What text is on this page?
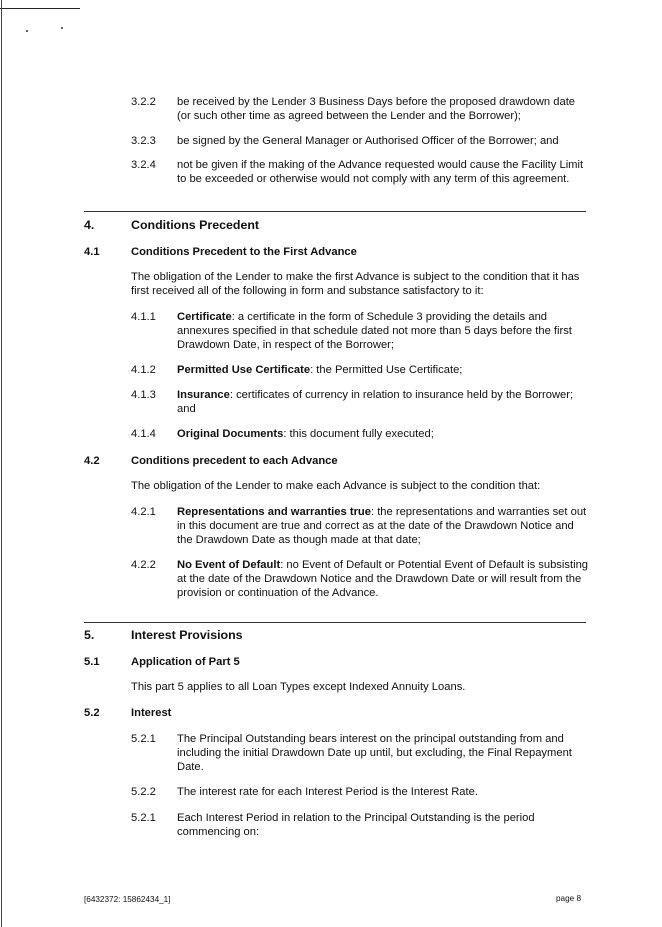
3.2.2 be received by the Lender 3 Business Days before the proposed drawdown date
(or such other time as agreed between the Lender and the Borrower);
3.2.3 be signed by the General Manager or Authorised Officer of the Borrower; and
3.2.4 not be given if the making of the Advance requested would cause the Facility Limit
to be exceeded or otherwise would not comply with any term of this agreement.
4.	Conditions Precedent
4.1	Conditions Precedent to the First Advance
The obligation of the Lender to make the first Advance is subject to the condition that it has
first received all of the following in form and substance satisfactory to it:
4.1.1 Certificate: a certificate in the form of Schedule 3 providing the details and
annexures specified in that schedule dated not more than 5 days before the first
Drawdown Date, in respect of the Borrower;
4.1.2 Permitted Use Certificate: the Permitted Use Certificate;
4.1.3 Insurance: certificates of currency in relation to insurance held by the Borrower;
and
4.1.4 Original Documents: this document fully executed;
4.2	Conditions precedent to each Advance
The obligation of the Lender to make each Advance is subject to the condition that:
4.2.1 Representations and warranties true: the representations and warranties set out
in this document are true and correct as at the date of the Drawdown Notice and
the Drawdown Date as though made at that date;
4.2.2 No Event of Default: no Event of Default or Potential Event of Default is subsisting
at the date of the Drawdown Notice and the Drawdown Date or will result from the
provision or continuation of the Advance.
5.	Interest Provisions
5.1	Application of Part 5
This part 5 applies to all Loan Types except Indexed Annuity Loans.
5.2	Interest
5.2.1 The Principal Outstanding bears interest on the principal outstanding from and
including the initial Drawdown Date up until, but excluding, the Final Repayment
Date.
5.2.2 The interest rate for each Interest Period is the Interest Rate.
5.2.1 Each Interest Period in relation to the Principal Outstanding is the period
commencing on:
[6432372: 15862434_1]	page 8
